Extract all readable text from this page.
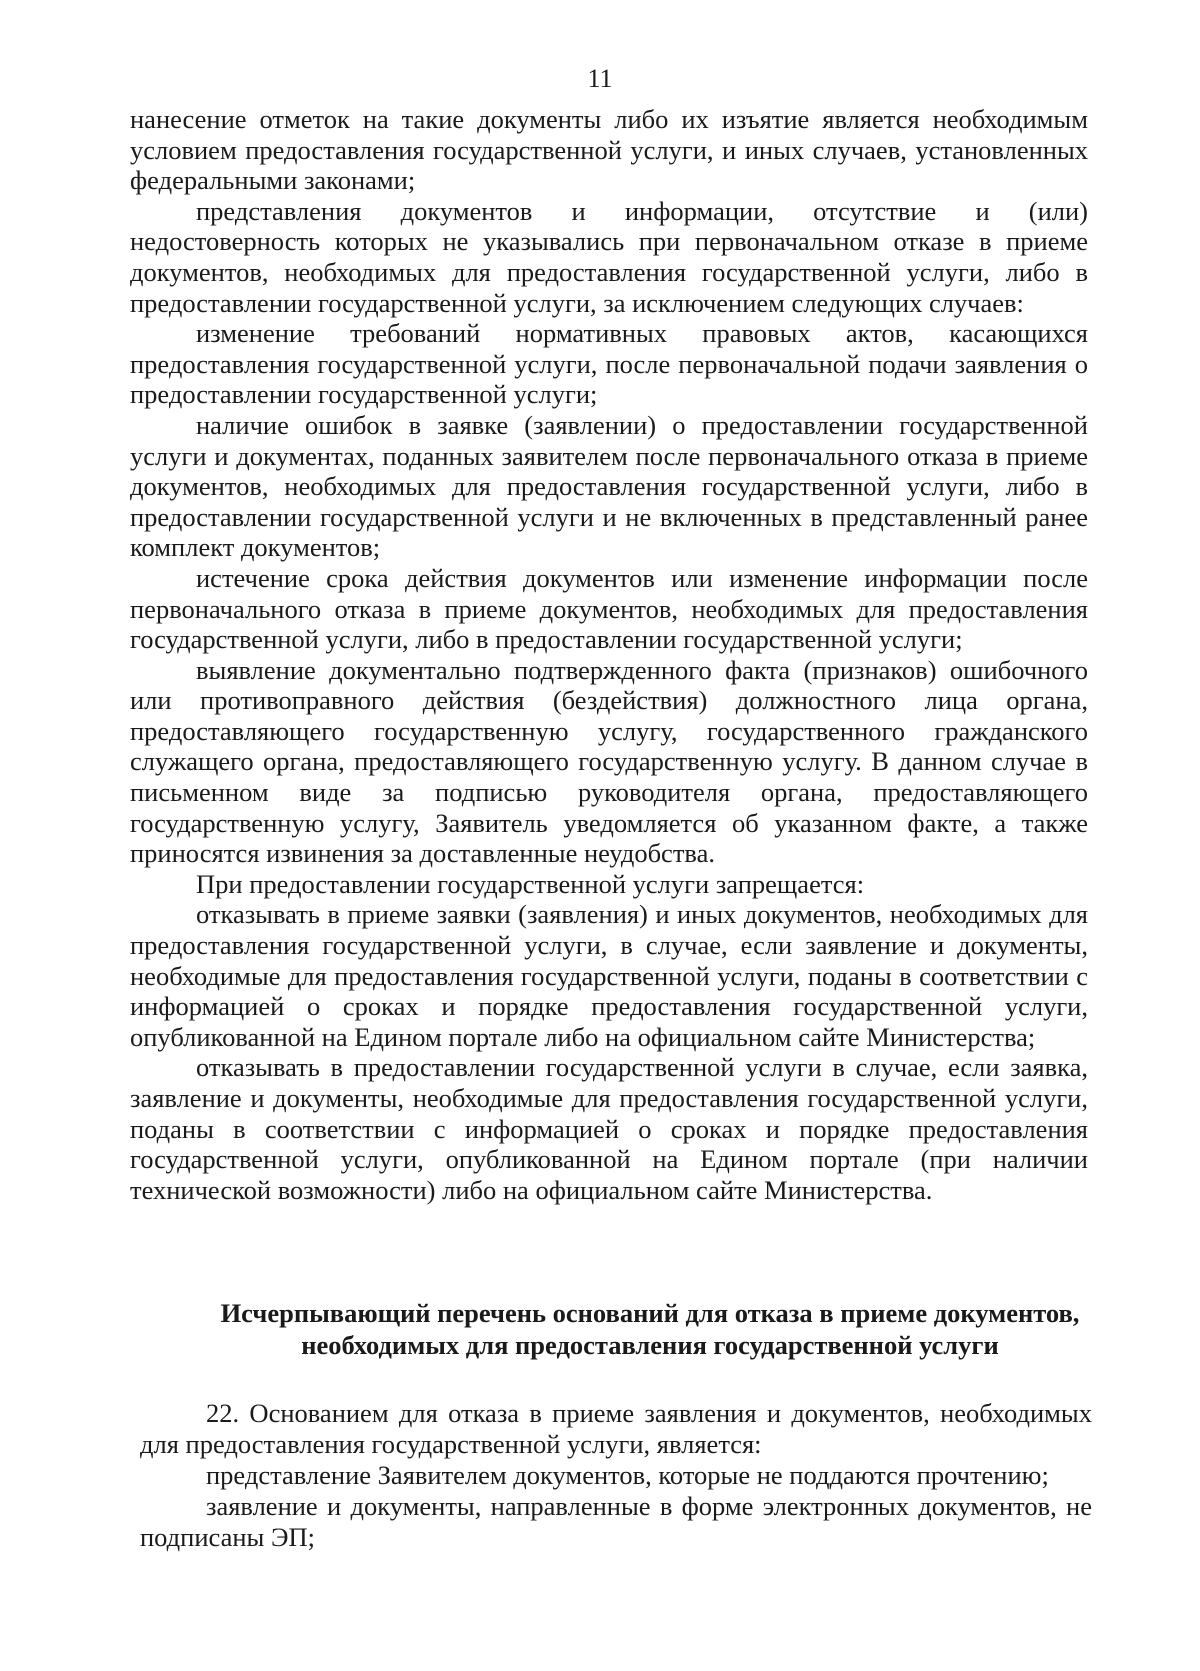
11

нанесение отметок на такие документы либо их изъятие является необходимым условием предоставления государственной услуги, и иных случаев, установленных федеральными законами;

представления документов и информации, отсутствие и (или) недостоверность которых не указывались при первоначальном отказе в приеме документов, необходимых для предоставления государственной услуги, либо в предоставлении государственной услуги, за исключением следующих случаев:

изменение требований нормативных правовых актов, касающихся предоставления государственной услуги, после первоначальной подачи заявления о предоставлении государственной услуги;

наличие ошибок в заявке (заявлении) о предоставлении государственной услуги и документах, поданных заявителем после первоначального отказа в приеме документов, необходимых для предоставления государственной услуги, либо в предоставлении государственной услуги и не включенных в представленный ранее комплект документов;

истечение срока действия документов или изменение информации после первоначального отказа в приеме документов, необходимых для предоставления государственной услуги, либо в предоставлении государственной услуги;

выявление документально подтвержденного факта (признаков) ошибочного или противоправного действия (бездействия) должностного лица органа, предоставляющего государственную услугу, государственного гражданского служащего органа, предоставляющего государственную услугу. В данном случае в письменном виде за подписью руководителя органа, предоставляющего государственную услугу, Заявитель уведомляется об указанном факте, а также приносятся извинения за доставленные неудобства.

При предоставлении государственной услуги запрещается:

отказывать в приеме заявки (заявления) и иных документов, необходимых для предоставления государственной услуги, в случае, если заявление и документы, необходимые для предоставления государственной услуги, поданы в соответствии с информацией о сроках и порядке предоставления государственной услуги, опубликованной на Едином портале либо на официальном сайте Министерства;

отказывать в предоставлении государственной услуги в случае, если заявка, заявление и документы, необходимые для предоставления государственной услуги, поданы в соответствии с информацией о сроках и порядке предоставления государственной услуги, опубликованной на Едином портале (при наличии технической возможности) либо на официальном сайте Министерства.

Исчерпывающий перечень оснований для отказа в приеме документов,

необходимых для предоставления государственной услуги

22. Основанием для отказа в приеме заявления и документов, необходимых для предоставления государственной услуги, является:

представление Заявителем документов, которые не поддаются прочтению;

заявление и документы, направленные в форме электронных документов, не подписаны ЭП;
